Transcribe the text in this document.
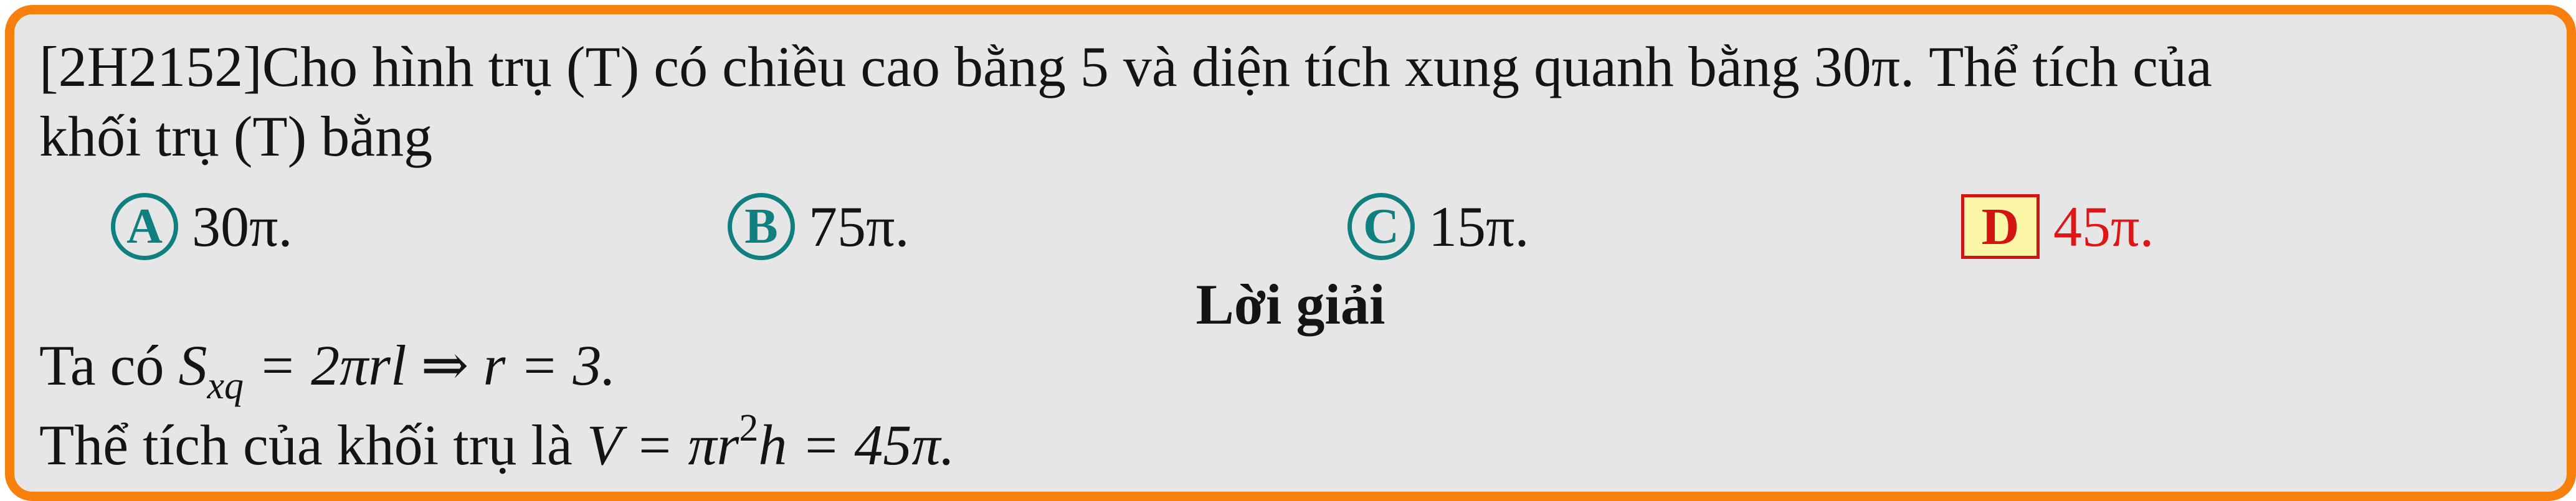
[2H2152]Cho hình trụ (T) có chiều cao bằng 5 và diện tích xung quanh bằng 30π. Thể tích của
khối trụ (T) bằng
A 30π.	B 75π.	C 15π.	D 45π.
Lời giải
Ta có $S_{xq} = 2\pi rl$ ⇒ r = 3.
Thể tích của khối trụ là $V = \pi r^2h = 45\pi$.
